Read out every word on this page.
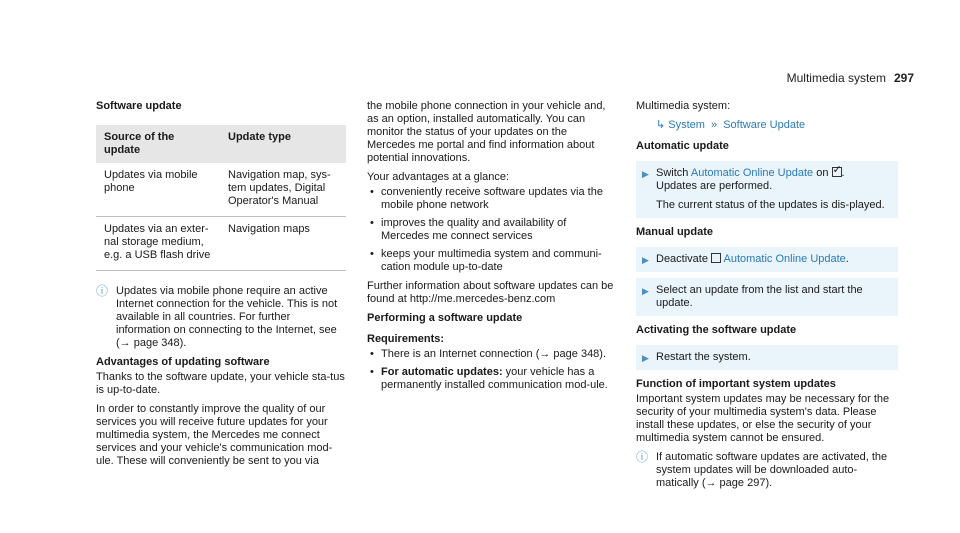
Multimedia system 297
Software update
Source of the update	Update type
Updates via mobile phone	Navigation map, sys-tem updates, Digital Operator's Manual
Updates via an exter-nal storage medium, e.g. a USB flash drive	Navigation maps
ⓘ Updates via mobile phone require an active Internet connection for the vehicle. This is not available in all countries. For further information on connecting to the Internet, see (→ page 348).
Advantages of updating software

Thanks to the software update, your vehicle sta-tus is up-to-date.

In order to constantly improve the quality of our services you will receive future updates for your multimedia system, the Mercedes me connect services and your vehicle's communication mod-ule. These will conveniently be sent to you via

the mobile phone connection in your vehicle and, as an option, installed automatically. You can monitor the status of your updates on the Mercedes me portal and find information about potential innovations.

Your advantages at a glance:

• conveniently receive software updates via the mobile phone network
• improves the quality and availability of Mercedes me connect services
• keeps your multimedia system and communi-cation module up-to-date

Further information about software updates can be found at http://me.mercedes-benz.com

Performing a software update
Requirements:
• There is an Internet connection (→ page 348).
• For automatic updates: your vehicle has a permanently installed communication mod-ule.

Multimedia system:

↳ System » Software Update
Automatic update
▶ Switch Automatic Online Update on ✓ .
Updates are performed.
The current status of the updates is dis-played.
Manual update
▶ Deactivate Automatic Online Update.
▶ Select an update from the list and start the update.
Activating the software update
▶ Restart the system.
Function of important system updates

Important system updates may be necessary for the security of your multimedia system's data. Please install these updates, or else the security of your multimedia system cannot be ensured.

ⓘ If automatic software updates are activated, the system updates will be downloaded auto-matically (→ page 297).
